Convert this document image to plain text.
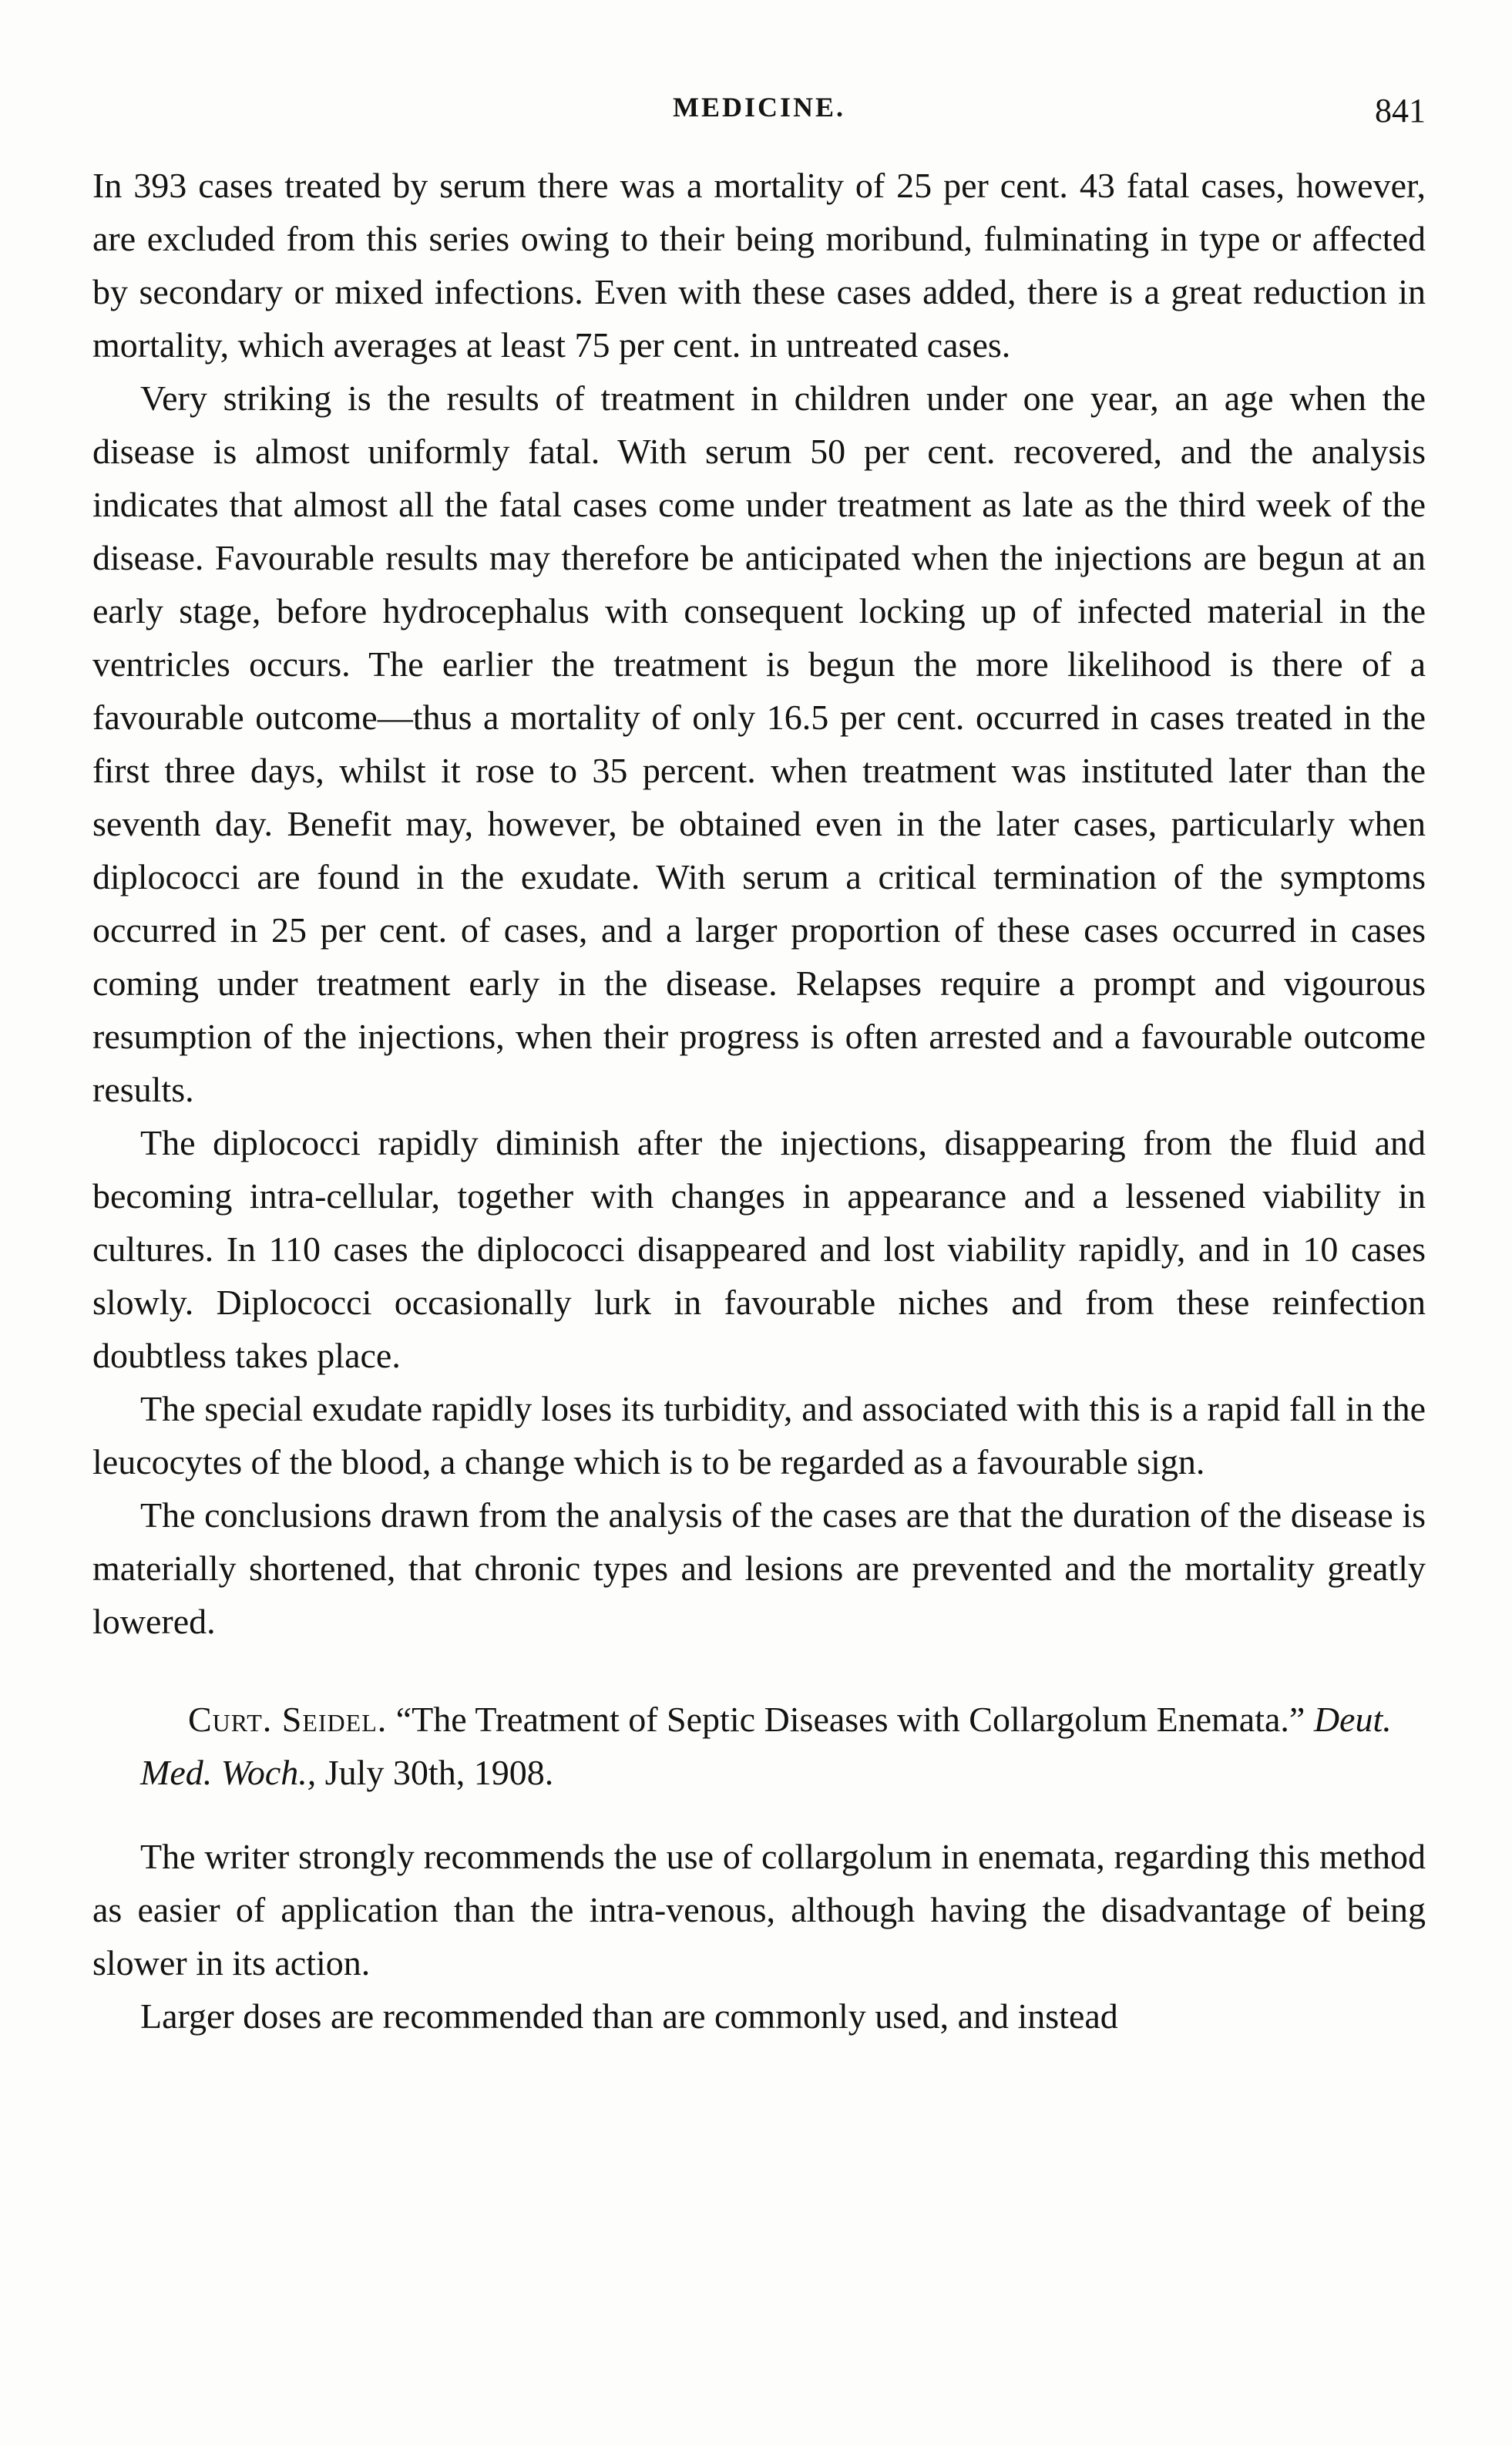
MEDICINE.	841

In 393 cases treated by serum there was a mortality of 25 per cent. 43 fatal cases, however, are excluded from this series owing to their being moribund, fulminating in type or affected by secondary or mixed infections. Even with these cases added, there is a great reduction in mortality, which averages at least 75 per cent. in untreated cases.

Very striking is the results of treatment in children under one year, an age when the disease is almost uniformly fatal. With serum 50 per cent. recovered, and the analysis indicates that almost all the fatal cases come under treatment as late as the third week of the disease. Favourable results may therefore be anticipated when the injections are begun at an early stage, before hydrocephalus with consequent locking up of infected material in the ventricles occurs. The earlier the treatment is begun the more likelihood is there of a favourable outcome—thus a mortality of only 16.5 per cent. occurred in cases treated in the first three days, whilst it rose to 35 percent. when treatment was instituted later than the seventh day. Benefit may, however, be obtained even in the later cases, particularly when diplococci are found in the exudate. With serum a critical termination of the symptoms occurred in 25 per cent. of cases, and a larger proportion of these cases occurred in cases coming under treatment early in the disease. Relapses require a prompt and vigourous resumption of the injections, when their progress is often arrested and a favourable outcome results.

The diplococci rapidly diminish after the injections, disappearing from the fluid and becoming intra-cellular, together with changes in appearance and a lessened viability in cultures. In 110 cases the diplococci disappeared and lost viability rapidly, and in 10 cases slowly. Diplococci occasionally lurk in favourable niches and from these reinfection doubtless takes place.

The special exudate rapidly loses its turbidity, and associated with this is a rapid fall in the leucocytes of the blood, a change which is to be regarded as a favourable sign.

The conclusions drawn from the analysis of the cases are that the duration of the disease is materially shortened, that chronic types and lesions are prevented and the mortality greatly lowered.

Curt. Seidel. “The Treatment of Septic Diseases with Collargolum Enemata.” Deut. Med. Woch., July 30th, 1908.

The writer strongly recommends the use of collargolum in enemata, regarding this method as easier of application than the intra-venous, although having the disadvantage of being slower in its action.

Larger doses are recommended than are commonly used, and instead
